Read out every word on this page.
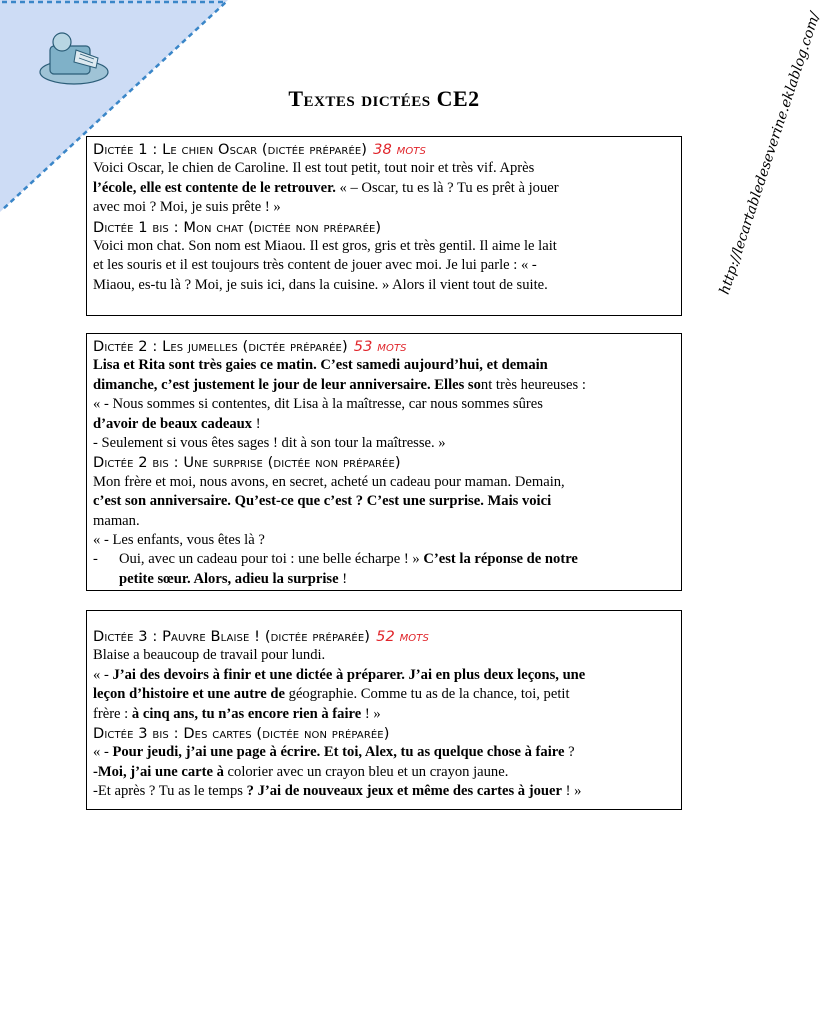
Textes dictées CE2	http://lecartabledeseverine.eklablog.com/
Dictée 1 : Le chien Oscar (dictée préparée) 38 mots

Voici Oscar, le chien de Caroline. Il est tout petit, tout noir et très vif. Après

l’école, elle est contente de le retrouver. « – Oscar, tu es là ? Tu es prêt à jouer

avec moi ? Moi, je suis prête ! »

Dictée 1 bis : Mon chat (dictée non préparée)

Voici mon chat. Son nom est Miaou. Il est gros, gris et très gentil. Il aime le lait

et les souris et il est toujours très content de jouer avec moi. Je lui parle : « -

Miaou, es-tu là ? Moi, je suis ici, dans la cuisine. » Alors il vient tout de suite.

Dictée 2 : Les jumelles (dictée préparée) 53 mots

Lisa et Rita sont très gaies ce matin. C’est samedi aujourd’hui, et demain

dimanche, c’est justement le jour de leur anniversaire. Elles sont très heureuses :

« - Nous sommes si contentes, dit Lisa à la maîtresse, car nous sommes sûres

d’avoir de beaux cadeaux !

- Seulement si vous êtes sages ! dit à son tour la maîtresse. »

Dictée 2 bis : Une surprise (dictée non préparée)

Mon frère et moi, nous avons, en secret, acheté un cadeau pour maman. Demain,

c’est son anniversaire. Qu’est-ce que c’est ? C’est une surprise. Mais voici

maman.

« - Les enfants, vous êtes là ?

- Oui, avec un cadeau pour toi : une belle écharpe ! » C’est la réponse de notre

petite sœur. Alors, adieu la surprise !

Dictée 3 : Pauvre Blaise ! (dictée préparée) 52 mots

Blaise a beaucoup de travail pour lundi.

« - J’ai des devoirs à finir et une dictée à préparer. J’ai en plus deux leçons, une

leçon d’histoire et une autre de géographie. Comme tu as de la chance, toi, petit

frère : à cinq ans, tu n’as encore rien à faire ! »

Dictée 3 bis : Des cartes (dictée non préparée)

« - Pour jeudi, j’ai une page à écrire. Et toi, Alex, tu as quelque chose à faire ?

-Moi, j’ai une carte à colorier avec un crayon bleu et un crayon jaune.

-Et après ? Tu as le temps ? J’ai de nouveaux jeux et même des cartes à jouer ! »
